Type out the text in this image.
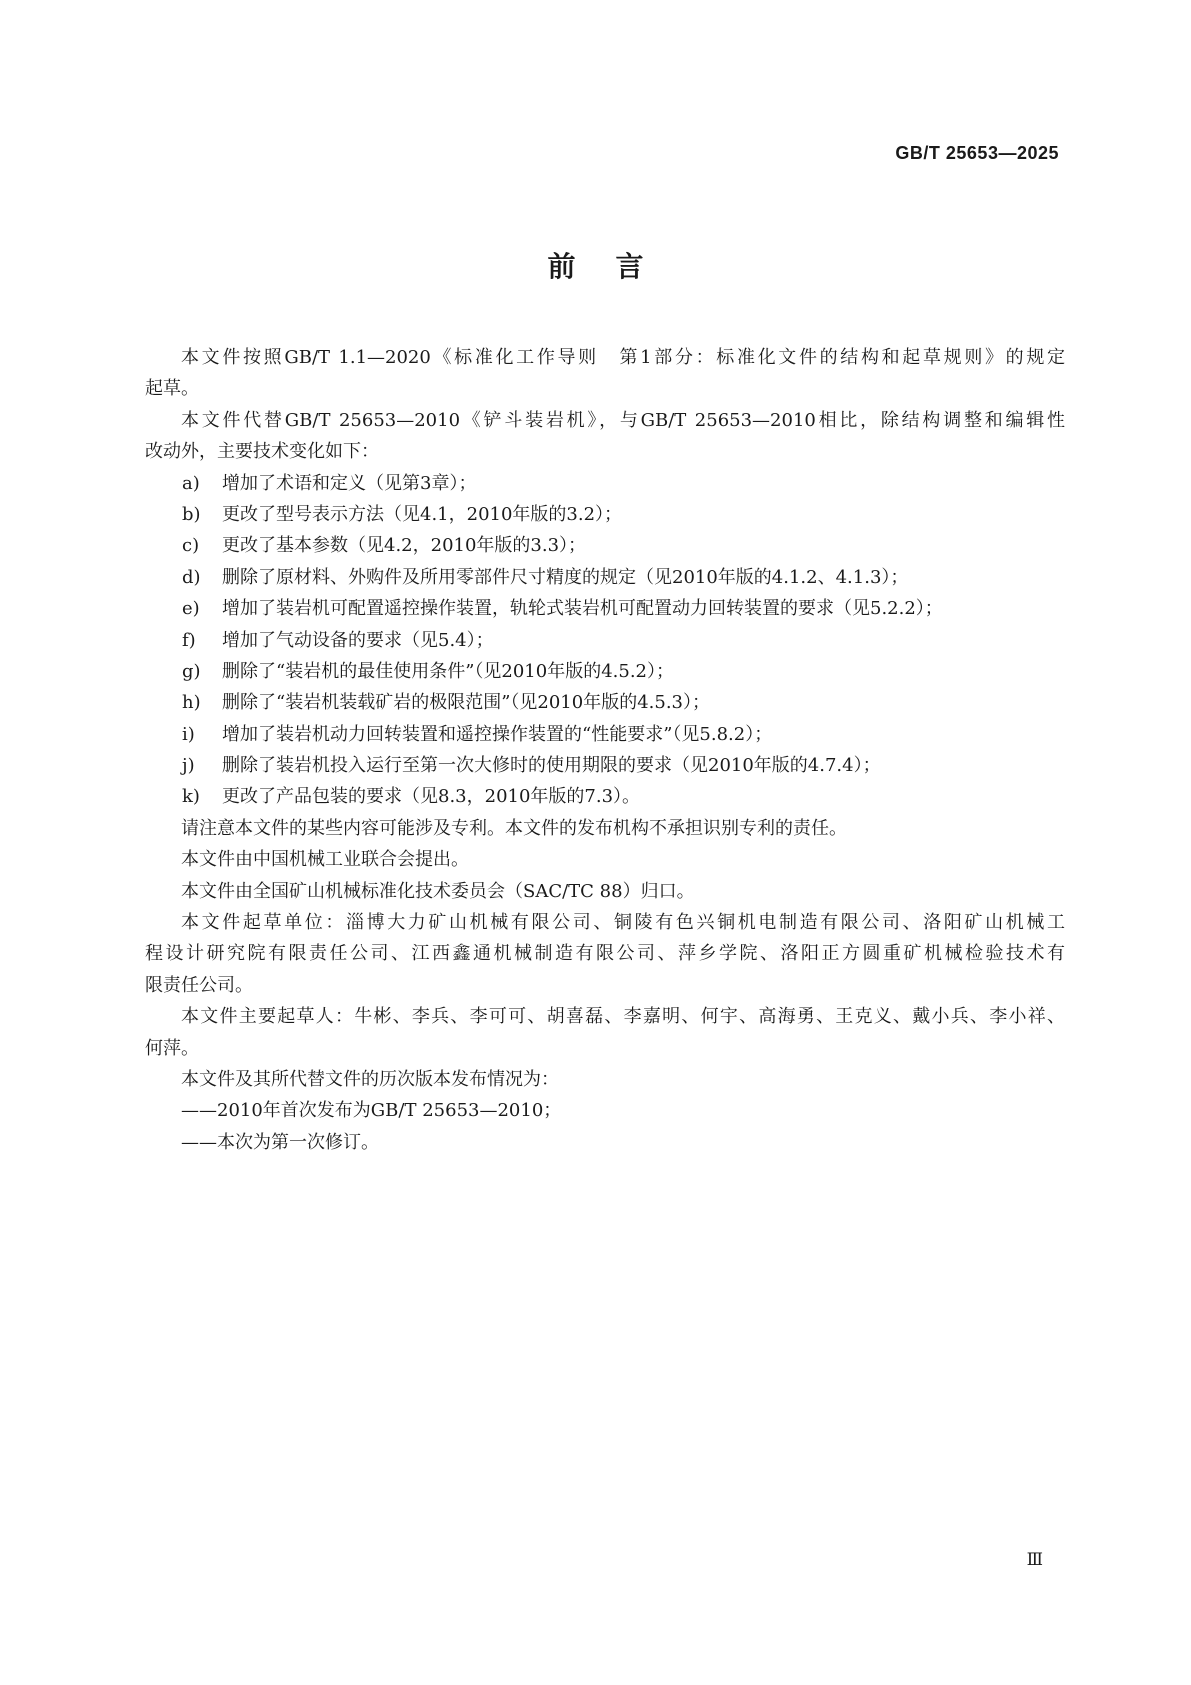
GB/T 25653—2025
前言
本文件按照GB/T 1.1—2020《标准化工作导则　第1部分：标准化文件的结构和起草规则》的规定
起草。
本文件代替GB/T 25653—2010《铲斗装岩机》，与GB/T 25653—2010相比，除结构调整和编辑性
改动外，主要技术变化如下：
a) 增加了术语和定义（见第3章）；
b) 更改了型号表示方法（见4.1，2010年版的3.2）；
c) 更改了基本参数（见4.2，2010年版的3.3）；
d) 删除了原材料、外购件及所用零部件尺寸精度的规定（见2010年版的4.1.2、4.1.3）；
e) 增加了装岩机可配置遥控操作装置，轨轮式装岩机可配置动力回转装置的要求（见5.2.2）；
f) 增加了气动设备的要求（见5.4）；
g) 删除了“装岩机的最佳使用条件”（见2010年版的4.5.2）；
h) 删除了“装岩机装载矿岩的极限范围”（见2010年版的4.5.3）；
i) 增加了装岩机动力回转装置和遥控操作装置的“性能要求”（见5.8.2）；
j) 删除了装岩机投入运行至第一次大修时的使用期限的要求（见2010年版的4.7.4）；
k) 更改了产品包装的要求（见8.3，2010年版的7.3）。
请注意本文件的某些内容可能涉及专利。本文件的发布机构不承担识别专利的责任。
本文件由中国机械工业联合会提出。
本文件由全国矿山机械标准化技术委员会（SAC/TC 88）归口。
本文件起草单位：淄博大力矿山机械有限公司、铜陵有色兴铜机电制造有限公司、洛阳矿山机械工
程设计研究院有限责任公司、江西鑫通机械制造有限公司、萍乡学院、洛阳正方圆重矿机械检验技术有
限责任公司。
本文件主要起草人：牛彬、李兵、李可可、胡喜磊、李嘉明、何宇、高海勇、王克义、戴小兵、李小祥、
何萍。
本文件及其所代替文件的历次版本发布情况为：
——2010年首次发布为GB/T 25653—2010；
——本次为第一次修订。
Ⅲ
